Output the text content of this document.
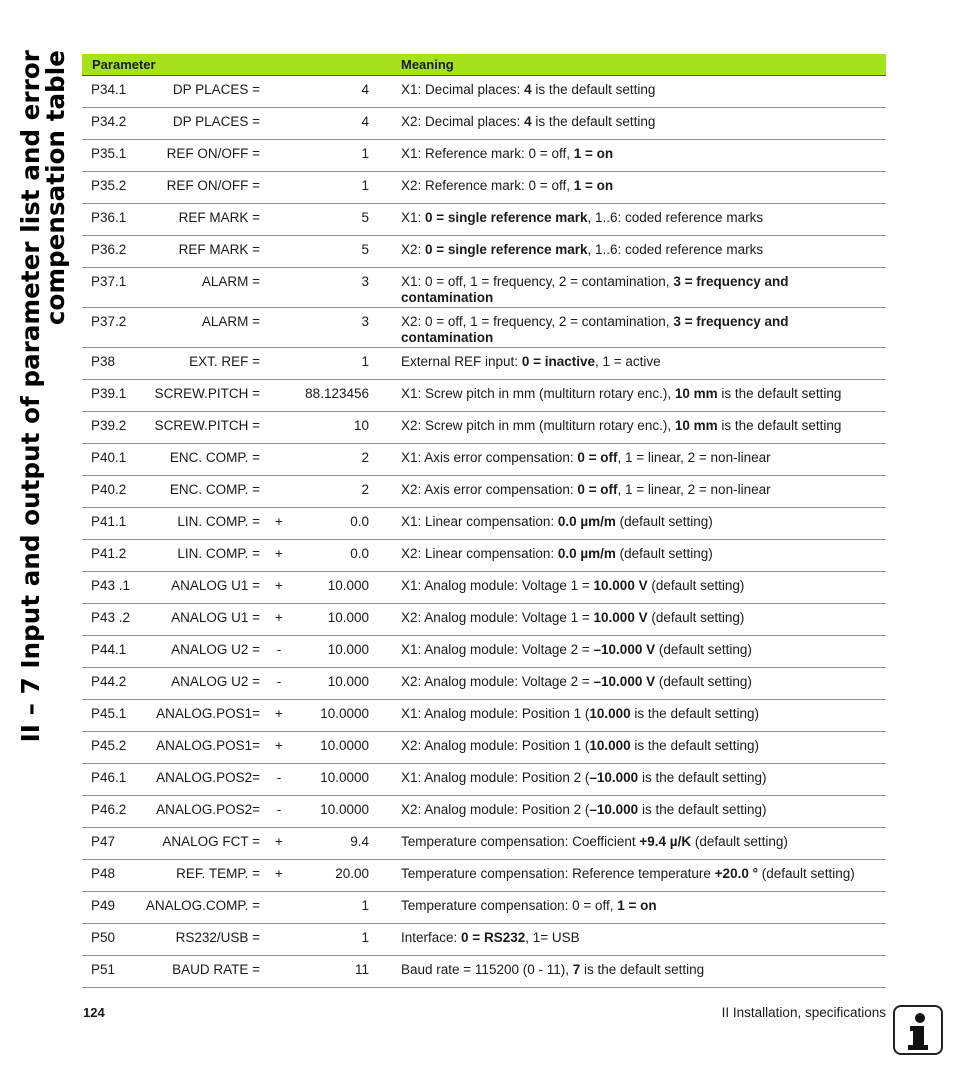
II – 7 Input and output of parameter list and error
compensation table Parameter				Meaning
P34.1	DP PLACES =		4	X1: Decimal places: 4 is the default setting
P34.2	DP PLACES =		4	X2: Decimal places: 4 is the default setting
P35.1	REF ON/OFF =		1	X1: Reference mark: 0 = off, 1 = on
P35.2	REF ON/OFF =		1	X2: Reference mark: 0 = off, 1 = on
P36.1	REF MARK =		5	X1: 0 = single reference mark, 1..6: coded reference marks
P36.2	REF MARK =		5	X2: 0 = single reference mark, 1..6: coded reference marks
P37.1	ALARM =		3	X1: 0 = off, 1 = frequency, 2 = contamination, 3 = frequency and contamination
P37.2	ALARM =		3	X2: 0 = off, 1 = frequency, 2 = contamination, 3 = frequency and contamination
P38	EXT. REF =		1	External REF input: 0 = inactive, 1 = active
P39.1	SCREW.PITCH =		88.123456	X1: Screw pitch in mm (multiturn rotary enc.), 10 mm is the default setting
P39.2	SCREW.PITCH =		10	X2: Screw pitch in mm (multiturn rotary enc.), 10 mm is the default setting
P40.1	ENC. COMP. =		2	X1: Axis error compensation: 0 = off, 1 = linear, 2 = non-linear
P40.2	ENC. COMP. =		2	X2: Axis error compensation: 0 = off, 1 = linear, 2 = non-linear
P41.1	LIN. COMP. =	+	0.0	X1: Linear compensation: 0.0 µm/m (default setting)
P41.2	LIN. COMP. =	+	0.0	X2: Linear compensation: 0.0 µm/m (default setting)
P43 .1	ANALOG U1 =	+	10.000	X1: Analog module: Voltage 1 = 10.000 V (default setting)
P43 .2	ANALOG U1 =	+	10.000	X2: Analog module: Voltage 1 = 10.000 V (default setting)
P44.1	ANALOG U2 =	-	10.000	X1: Analog module: Voltage 2 = –10.000 V (default setting)
P44.2	ANALOG U2 =	-	10.000	X2: Analog module: Voltage 2 = –10.000 V (default setting)
P45.1	ANALOG.POS1=	+	10.0000	X1: Analog module: Position 1 (10.000 is the default setting)
P45.2	ANALOG.POS1=	+	10.0000	X2: Analog module: Position 1 (10.000 is the default setting)
P46.1	ANALOG.POS2=	-	10.0000	X1: Analog module: Position 2 (–10.000 is the default setting)
P46.2	ANALOG.POS2=	-	10.0000	X2: Analog module: Position 2 (–10.000 is the default setting)
P47	ANALOG FCT =	+	9.4	Temperature compensation: Coefficient +9.4 µ/K (default setting)
P48	REF. TEMP. =	+	20.00	Temperature compensation: Reference temperature +20.0 ° (default setting)
P49	ANALOG.COMP. =		1	Temperature compensation: 0 = off, 1 = on
P50	RS232/USB =		1	Interface: 0 = RS232, 1= USB
P51	BAUD RATE =		11	Baud rate = 115200 (0 - 11), 7 is the default setting
124	II Installation, specifications
